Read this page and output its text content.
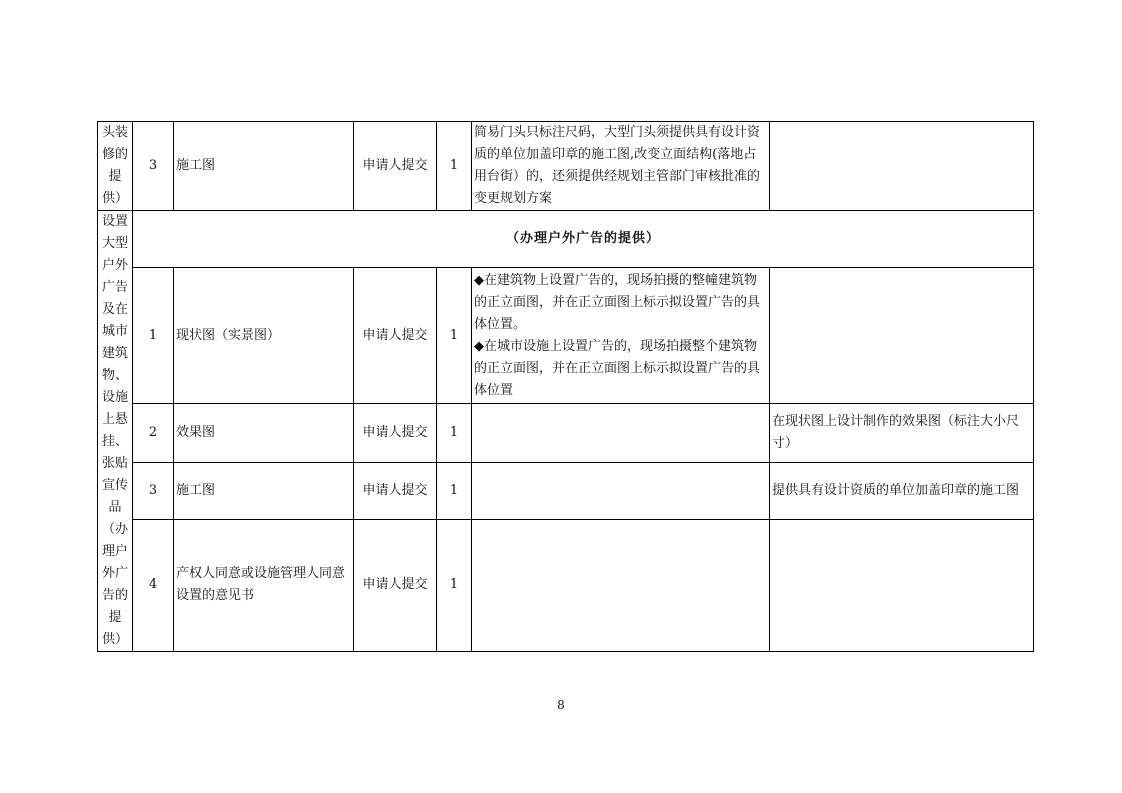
头装修的提供）	3	施工图	申请人提交	1	简易门头只标注尺码，大型门头须提供具有设计资质的单位加盖印章的施工图,改变立面结构(落地占用台街）的，还须提供经规划主管部门审核批准的变更规划方案	
设置大型户外广告及在城市建筑物、设施上悬挂、张贴宣传品（办理户外广告的提供）	（办理户外广告的提供）					
	1	现状图（实景图）	申请人提交	1	◆在建筑物上设置广告的，现场拍摄的整幢建筑物的正立面图，并在正立面图上标示拟设置广告的具体位置。
◆在城市设施上设置广告的，现场拍摄整个建筑物的正立面图，并在正立面图上标示拟设置广告的具体位置	

	2	效果图	申请人提交	1		在现状图上设计制作的效果图（标注大小尺寸）
	3	施工图	申请人提交	1		提供具有设计资质的单位加盖印章的施工图
	4	产权人同意或设施管理人同意设置的意见书	申请人提交	1		
8
